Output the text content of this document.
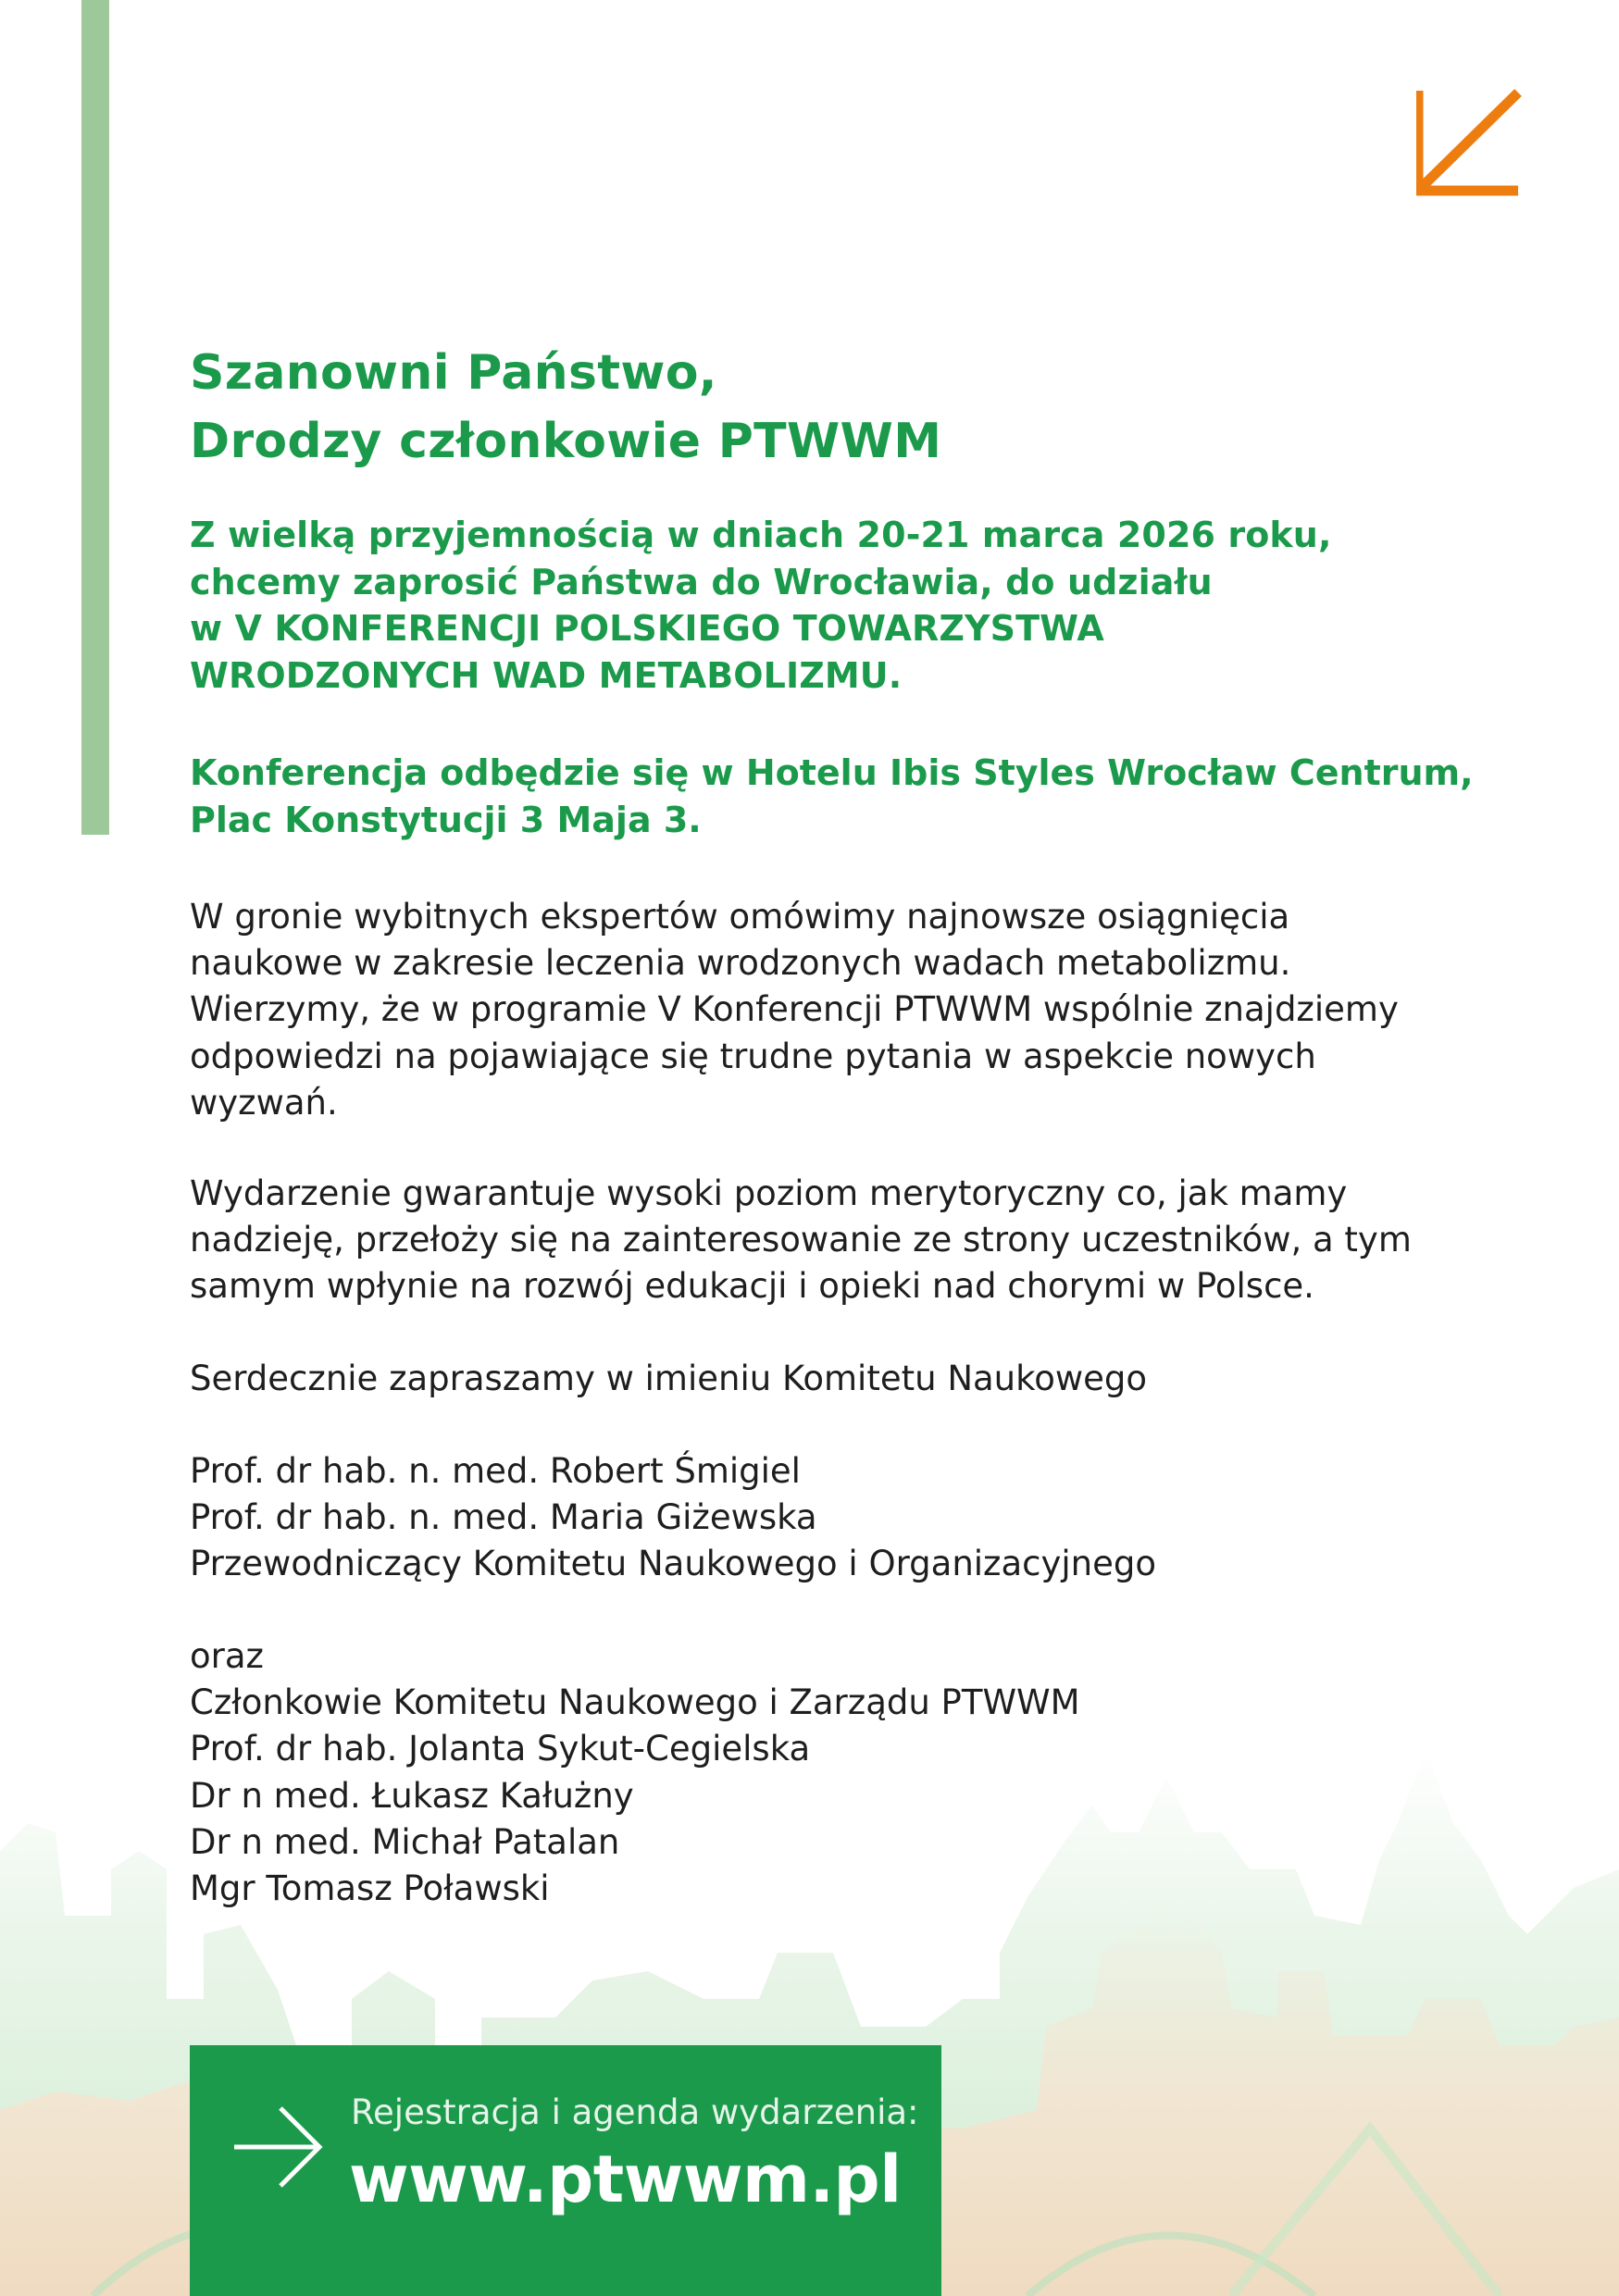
Szanowni Państwo,
Drodzy członkowie PTWWM

Z wielką przyjemnością w dniach 20-21 marca 2026 roku,
chcemy zaprosić Państwa do Wrocławia, do udziału
w V KONFERENCJI POLSKIEGO TOWARZYSTWA
WRODZONYCH WAD METABOLIZMU.

Konferencja odbędzie się w Hotelu Ibis Styles Wrocław Centrum,
Plac Konstytucji 3 Maja 3.

W gronie wybitnych ekspertów omówimy najnowsze osiągnięcia
naukowe w zakresie leczenia wrodzonych wadach metabolizmu.
Wierzymy, że w programie V Konferencji PTWWM wspólnie znajdziemy
odpowiedzi na pojawiające się trudne pytania w aspekcie nowych
wyzwań.

Wydarzenie gwarantuje wysoki poziom merytoryczny co, jak mamy
nadzieję, przełoży się na zainteresowanie ze strony uczestników, a tym
samym wpłynie na rozwój edukacji i opieki nad chorymi w Polsce.

Serdecznie zapraszamy w imieniu Komitetu Naukowego

Prof. dr hab. n. med. Robert Śmigiel
Prof. dr hab. n. med. Maria Giżewska
Przewodniczący Komitetu Naukowego i Organizacyjnego

oraz
Członkowie Komitetu Naukowego i Zarządu PTWWM
Prof. dr hab. Jolanta Sykut-Cegielska
Dr n med. Łukasz Kałużny
Dr n med. Michał Patalan
Mgr Tomasz Poławski

Rejestracja i agenda wydarzenia:

www.ptwwm.pl
